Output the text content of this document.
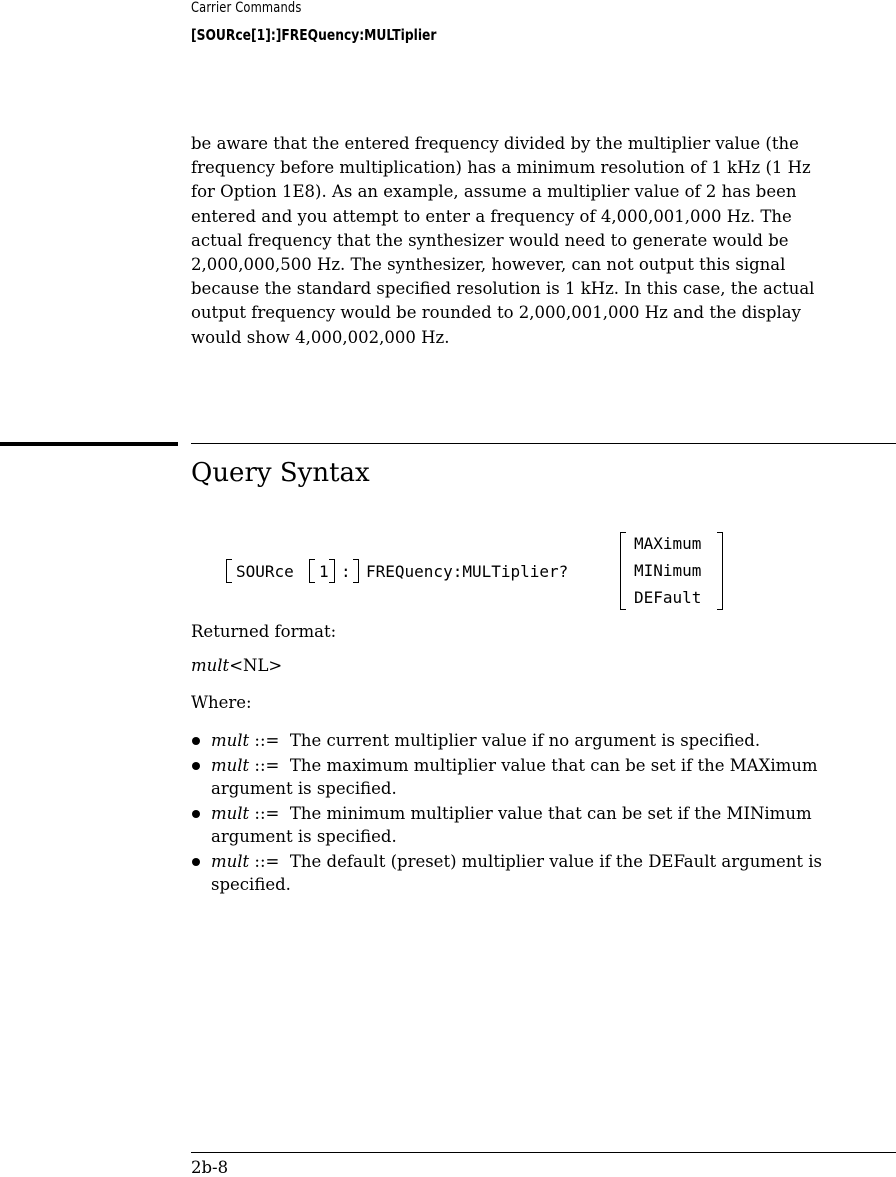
Carrier Commands
[SOURce[1]:]FREQuency:MULTiplier
be aware that the entered frequency divided by the multiplier value (the
frequency before multiplication) has a minimum resolution of 1 kHz (1 Hz
for Option 1E8). As an example, assume a multiplier value of 2 has been
entered and you attempt to enter a frequency of 4,000,001,000 Hz. The
actual frequency that the synthesizer would need to generate would be
2,000,000,500 Hz. The synthesizer, however, can not output this signal
because the standard specified resolution is 1 kHz. In this case, the actual
output frequency would be rounded to 2,000,001,000 Hz and the display
would show 4,000,002,000 Hz.
Query Syntax
SOURce 1 : FREQuency:MULTiplier?
MAXimum
MINimum
DEFault
Returned format:
mult<NL>
Where:
mult ::=  The current multiplier value if no argument is specified.
mult ::=  The maximum multiplier value that can be set if the MAXimum
argument is specified.
mult ::=  The minimum multiplier value that can be set if the MINimum
argument is specified.
mult ::=  The default (preset) multiplier value if the DEFault argument is
specified.
2b-8
